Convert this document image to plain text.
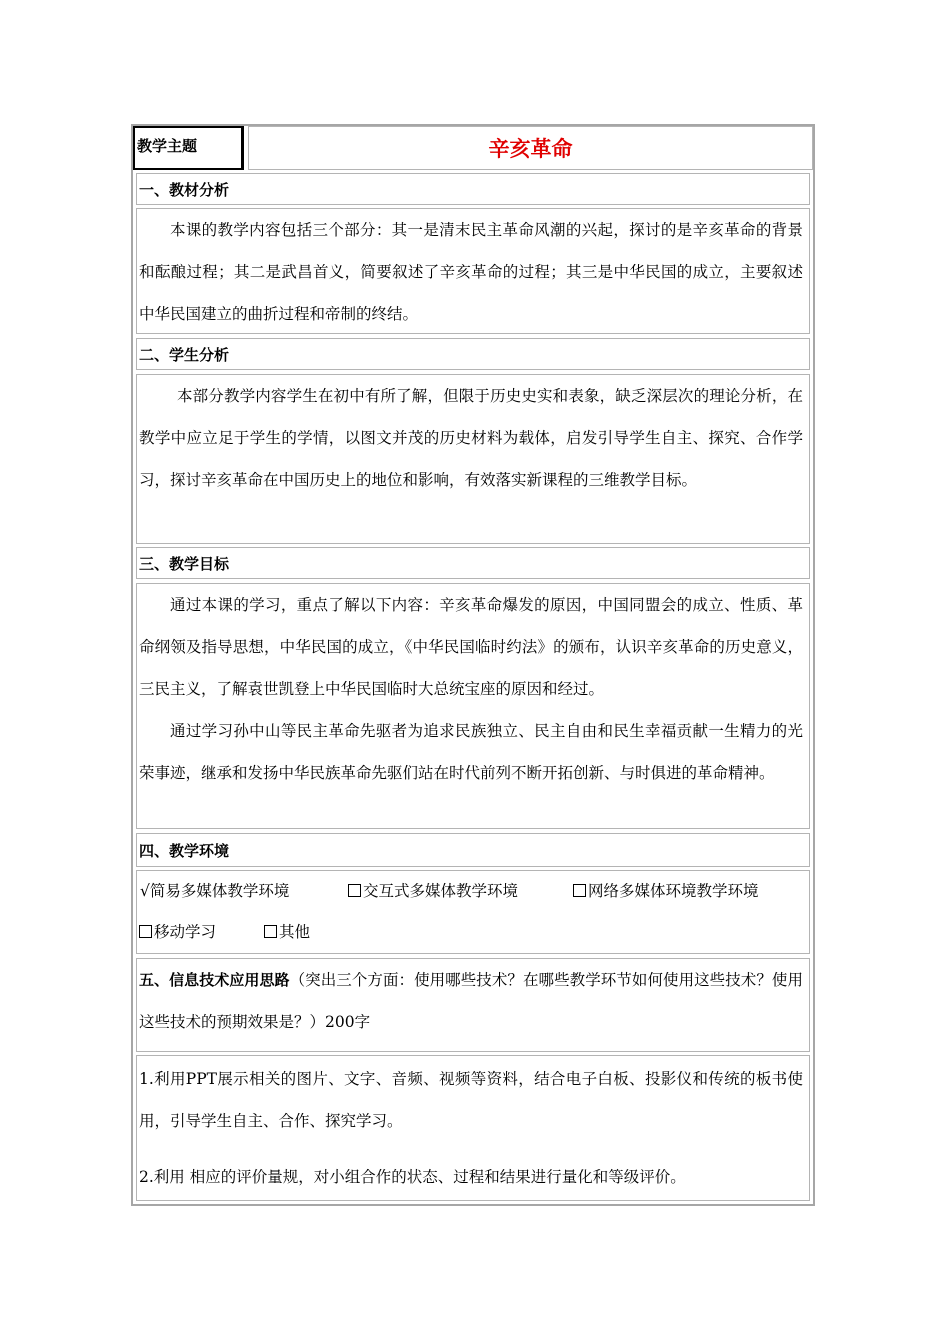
教学主题	辛亥革命
一、教材分析
本课的教学内容包括三个部分：其一是清末民主革命风潮的兴起，探讨的是辛亥革命的背景和酝酿过程；其二是武昌首义，简要叙述了辛亥革命的过程；其三是中华民国的成立，主要叙述中华民国建立的曲折过程和帝制的终结。
二、学生分析
本部分教学内容学生在初中有所了解，但限于历史史实和表象，缺乏深层次的理论分析，在教学中应立足于学生的学情，以图文并茂的历史材料为载体，启发引导学生自主、探究、合作学习，探讨辛亥革命在中国历史上的地位和影响，有效落实新课程的三维教学目标。
三、教学目标
通过本课的学习，重点了解以下内容：辛亥革命爆发的原因，中国同盟会的成立、性质、革命纲领及指导思想，中华民国的成立，《中华民国临时约法》的颁布，认识辛亥革命的历史意义，三民主义，了解袁世凯登上中华民国临时大总统宝座的原因和经过。
通过学习孙中山等民主革命先驱者为追求民族独立、民主自由和民生幸福贡献一生精力的光荣事迹，继承和发扬中华民族革命先驱们站在时代前列不断开拓创新、与时俱进的革命精神。
四、教学环境
√简易多媒体教学环境	交互式多媒体教学环境	网络多媒体环境教学环境
移动学习	其他
五、信息技术应用思路（突出三个方面：使用哪些技术？在哪些教学环节如何使用这些技术？使用这些技术的预期效果是？）200字
1.利用PPT展示相关的图片、文字、音频、视频等资料，结合电子白板、投影仪和传统的板书使用，引导学生自主、合作、探究学习。
2.利用 相应的评价量规，对小组合作的状态、过程和结果进行量化和等级评价。
